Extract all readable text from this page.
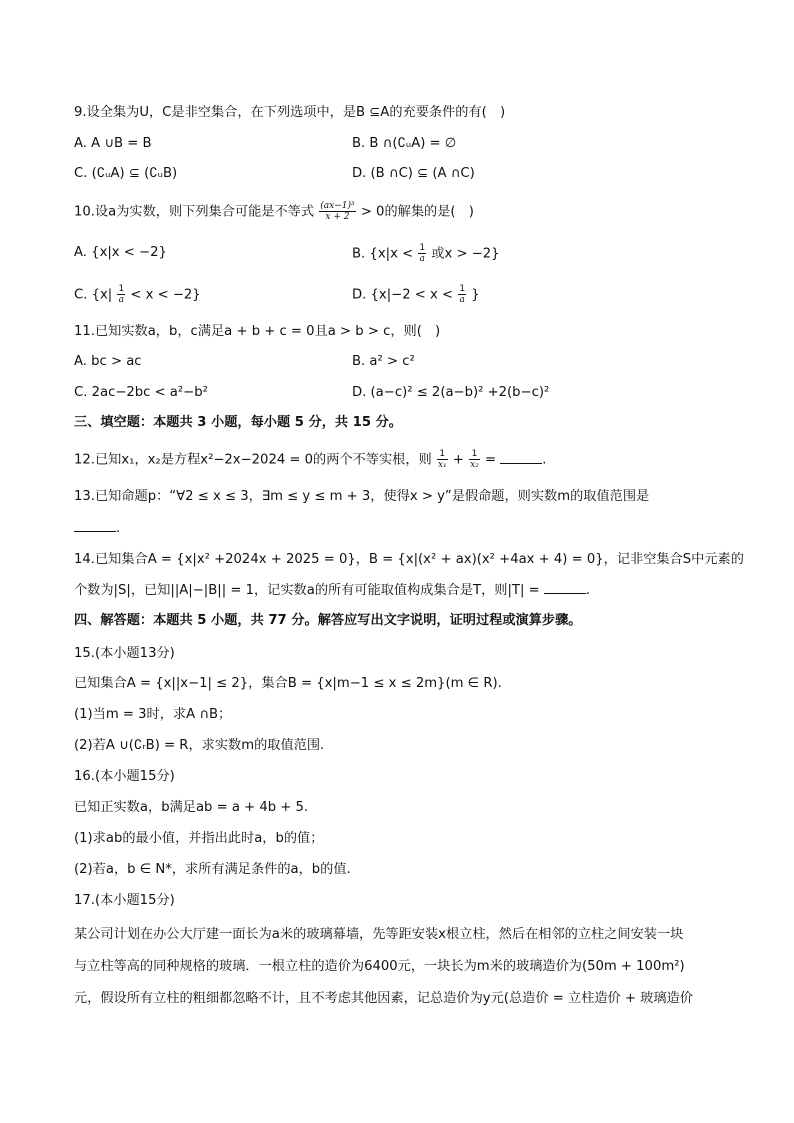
9.设全集为U，C是非空集合，在下列选项中，是B ⊆A的充要条件的有(　)
A. A ∪B = B	B. B ∩(∁ᵤA) = ∅
C. (∁ᵤA) ⊆ (∁ᵤB)	D. (B ∩C) ⊆ (A ∩C)
10.设a为实数，则下列集合可能是不等式 $\frac{\text{(ax−1)³}}{x + 2} > 0$的解集的是(　)
A. {x|x < −2}	B. {$x|x < \frac{1}{a}$ 或x > −2}
C. $\{x| \frac{1}{a} < x < -2\}$	D. {$x|-2 < x < \frac{1}{a}$ }
11.已知实数a，b，c满足a + b + c = 0且a > b > c，则(　)
A. bc > ac	B. a² > c²
C. 2ac−2bc < a²−b²	D. (a−c)² ≤ 2(a−b)² +2(b−c)²
三、填空题：本题共 3 小题，每小题 5 分，共 15 分。
12.已知x₁，x₂是方程x²−2x−2024 = 0的两个不等实根，则 $\frac{1}{\text{x₁}} + \frac{1}{\text{x₂}}$ =	.
13.已知命题p：“∀2 ≤ x ≤ 3，∃m ≤ y ≤ m + 3，使得x > y”是假命题，则实数m的取值范围是
.
14.已知集合A = {x|x² +2024x + 2025 = 0}，B = {x|(x² + ax)(x² +4ax + 4) = 0}，记非空集合S中元素的
个数为|S|，已知||A|−|B|| = 1，记实数a的所有可能取值构成集合是T，则|T| =	.
四、解答题：本题共 5 小题，共 77 分。解答应写出文字说明，证明过程或演算步骤。
15.(本小题13分)
已知集合A = {x||x−1| ≤ 2}，集合B = {x|m−1 ≤ x ≤ 2m}(m ∈ R).
(1)当m = 3时，求A ∩B；
(2)若A ∪(∁ᵣB) = R，求实数m的取值范围.
16.(本小题15分)
已知正实数a，b满足ab = a + 4b + 5.
(1)求ab的最小值，并指出此时a，b的值；
(2)若a，b ∈ N*，求所有满足条件的a，b的值.
17.(本小题15分)
某公司计划在办公大厅建一面长为a米的玻璃幕墙，先等距安装x根立柱，然后在相邻的立柱之间安装一块
与立柱等高的同种规格的玻璃．一根立柱的造价为6400元，一块长为m米的玻璃造价为(50m + 100m²)
元，假设所有立柱的粗细都忽略不计，且不考虑其他因素，记总造价为y元(总造价 = 立柱造价 + 玻璃造价
